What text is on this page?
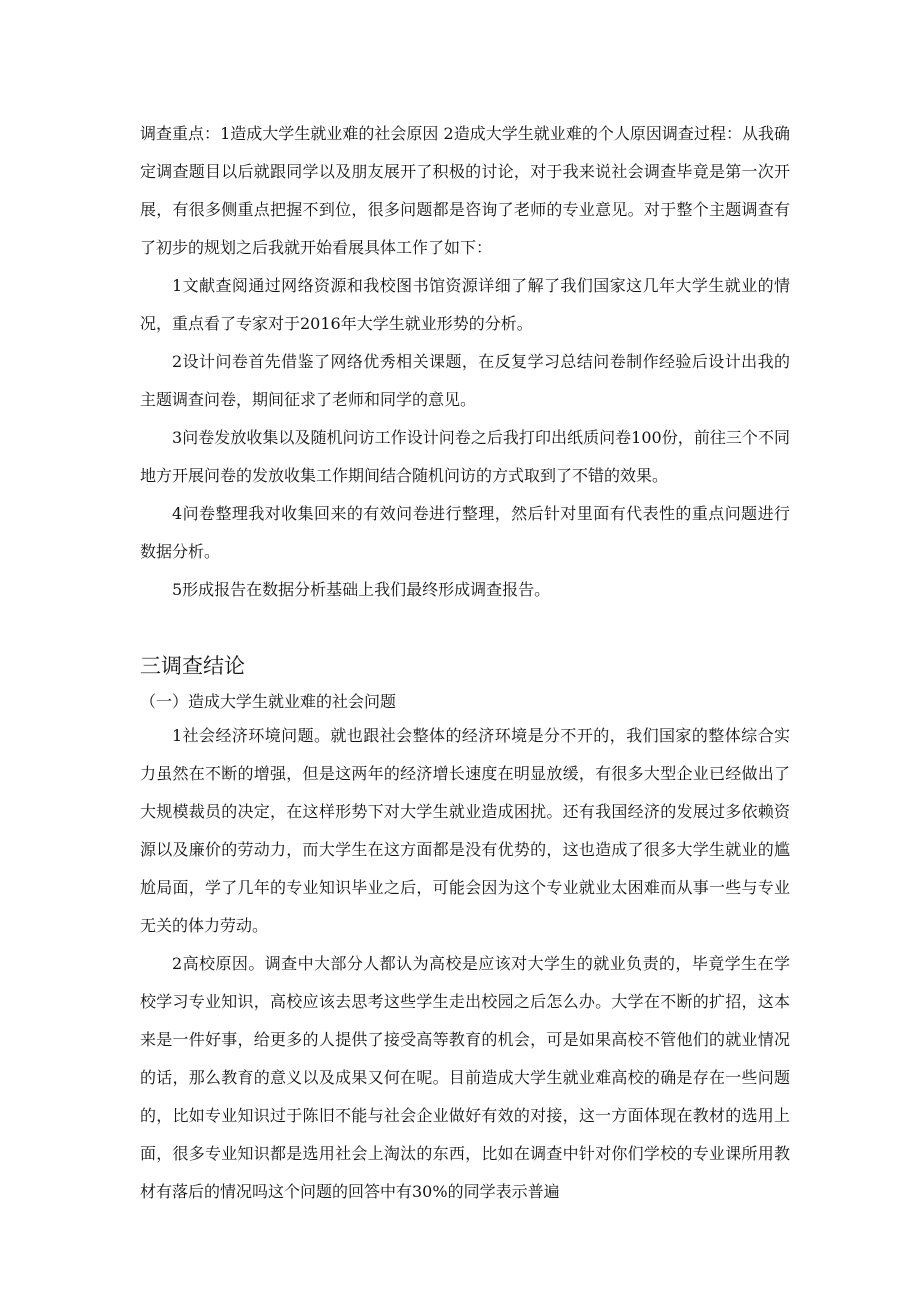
调查重点：1造成大学生就业难的社会原因 2造成大学生就业难的个人原因调查过程：从我确定调查题目以后就跟同学以及朋友展开了积极的讨论，对于我来说社会调查毕竟是第一次开展，有很多侧重点把握不到位，很多问题都是咨询了老师的专业意见。对于整个主题调查有了初步的规划之后我就开始看展具体工作了如下：

1文献查阅通过网络资源和我校图书馆资源详细了解了我们国家这几年大学生就业的情况，重点看了专家对于2016年大学生就业形势的分析。

2设计问卷首先借鉴了网络优秀相关课题，在反复学习总结问卷制作经验后设计出我的主题调查问卷，期间征求了老师和同学的意见。

3问卷发放收集以及随机问访工作设计问卷之后我打印出纸质问卷100份，前往三个不同地方开展问卷的发放收集工作期间结合随机问访的方式取到了不错的效果。

4问卷整理我对收集回来的有效问卷进行整理，然后针对里面有代表性的重点问题进行数据分析。

5形成报告在数据分析基础上我们最终形成调查报告。

三调查结论

（一）造成大学生就业难的社会问题

1社会经济环境问题。就也跟社会整体的经济环境是分不开的，我们国家的整体综合实力虽然在不断的增强，但是这两年的经济增长速度在明显放缓，有很多大型企业已经做出了大规模裁员的决定，在这样形势下对大学生就业造成困扰。还有我国经济的发展过多依赖资源以及廉价的劳动力，而大学生在这方面都是没有优势的，这也造成了很多大学生就业的尴尬局面，学了几年的专业知识毕业之后，可能会因为这个专业就业太困难而从事一些与专业无关的体力劳动。

2高校原因。调查中大部分人都认为高校是应该对大学生的就业负责的，毕竟学生在学校学习专业知识，高校应该去思考这些学生走出校园之后怎么办。大学在不断的扩招，这本来是一件好事，给更多的人提供了接受高等教育的机会，可是如果高校不管他们的就业情况的话，那么教育的意义以及成果又何在呢。目前造成大学生就业难高校的确是存在一些问题的，比如专业知识过于陈旧不能与社会企业做好有效的对接，这一方面体现在教材的选用上面，很多专业知识都是选用社会上淘汰的东西，比如在调查中针对你们学校的专业课所用教材有落后的情况吗这个问题的回答中有30%的同学表示普遍
